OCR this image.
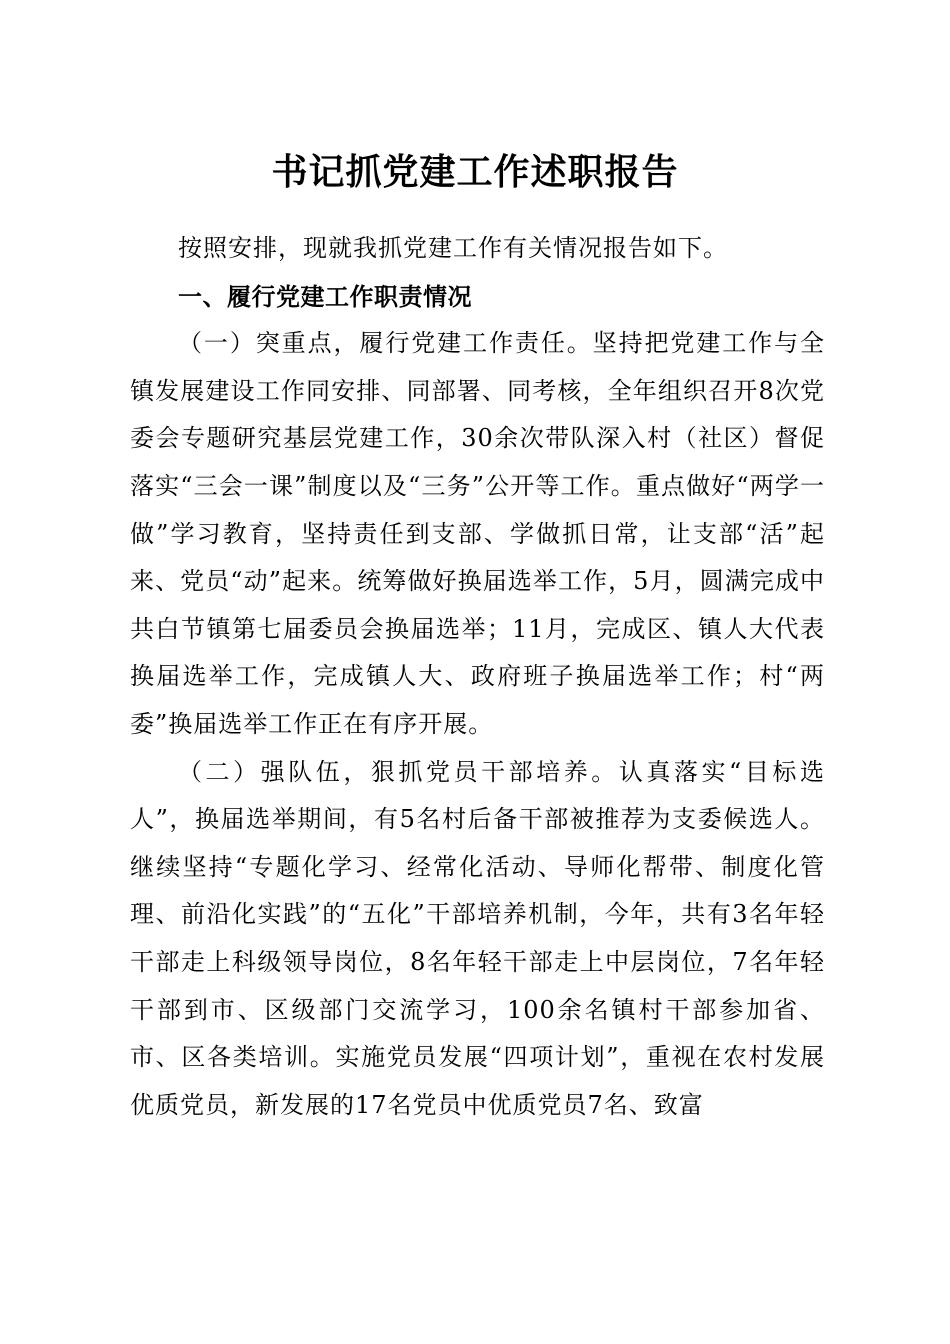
书记抓党建工作述职报告

按照安排，现就我抓党建工作有关情况报告如下。

一、履行党建工作职责情况

（一）突重点，履行党建工作责任。坚持把党建工作与全镇发展建设工作同安排、同部署、同考核，全年组织召开8次党委会专题研究基层党建工作，30余次带队深入村（社区）督促落实“三会一课”制度以及“三务”公开等工作。重点做好“两学一做”学习教育，坚持责任到支部、学做抓日常，让支部“活”起来、党员“动”起来。统筹做好换届选举工作，5月，圆满完成中共白节镇第七届委员会换届选举；11月，完成区、镇人大代表换届选举工作，完成镇人大、政府班子换届选举工作；村“两委”换届选举工作正在有序开展。

（二）强队伍，狠抓党员干部培养。认真落实“目标选人”，换届选举期间，有5名村后备干部被推荐为支委候选人。继续坚持“专题化学习、经常化活动、导师化帮带、制度化管理、前沿化实践”的“五化”干部培养机制，今年，共有3名年轻干部走上科级领导岗位，8名年轻干部走上中层岗位，7名年轻干部到市、区级部门交流学习，100余名镇村干部参加省、市、区各类培训。实施党员发展“四项计划”，重视在农村发展优质党员，新发展的17名党员中优质党员7名、致富
